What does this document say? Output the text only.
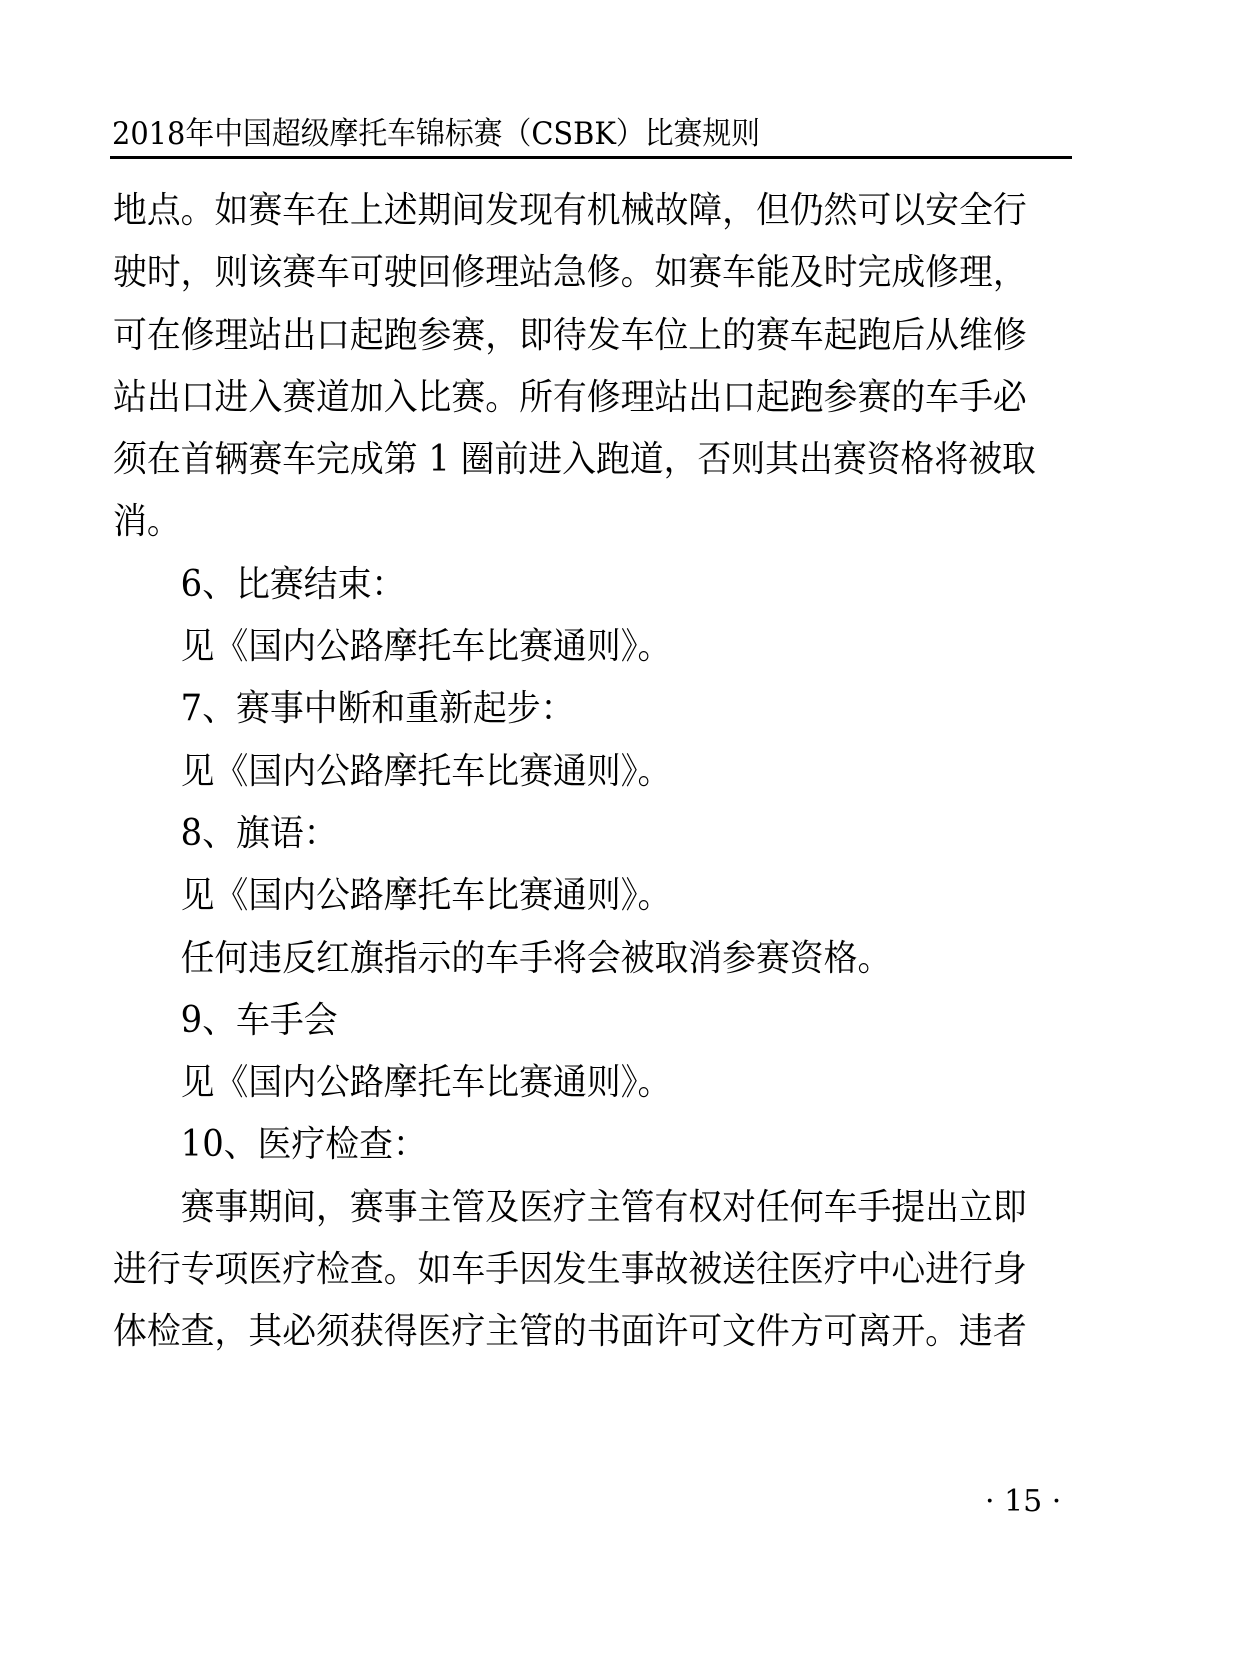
2018年中国超级摩托车锦标赛（CSBK）比赛规则
地点。如赛车在上述期间发现有机械故障，但仍然可以安全行
驶时，则该赛车可驶回修理站急修。如赛车能及时完成修理，
可在修理站出口起跑参赛，即待发车位上的赛车起跑后从维修
站出口进入赛道加入比赛。所有修理站出口起跑参赛的车手必
须在首辆赛车完成第 1 圈前进入跑道，否则其出赛资格将被取
消。
6、比赛结束：
见《国内公路摩托车比赛通则》。
7、赛事中断和重新起步：
见《国内公路摩托车比赛通则》。
8、旗语：
见《国内公路摩托车比赛通则》。
任何违反红旗指示的车手将会被取消参赛资格。
9、车手会
见《国内公路摩托车比赛通则》。
10、医疗检查：
赛事期间，赛事主管及医疗主管有权对任何车手提出立即
进行专项医疗检查。如车手因发生事故被送往医疗中心进行身
体检查，其必须获得医疗主管的书面许可文件方可离开。违者
· 15 ·
